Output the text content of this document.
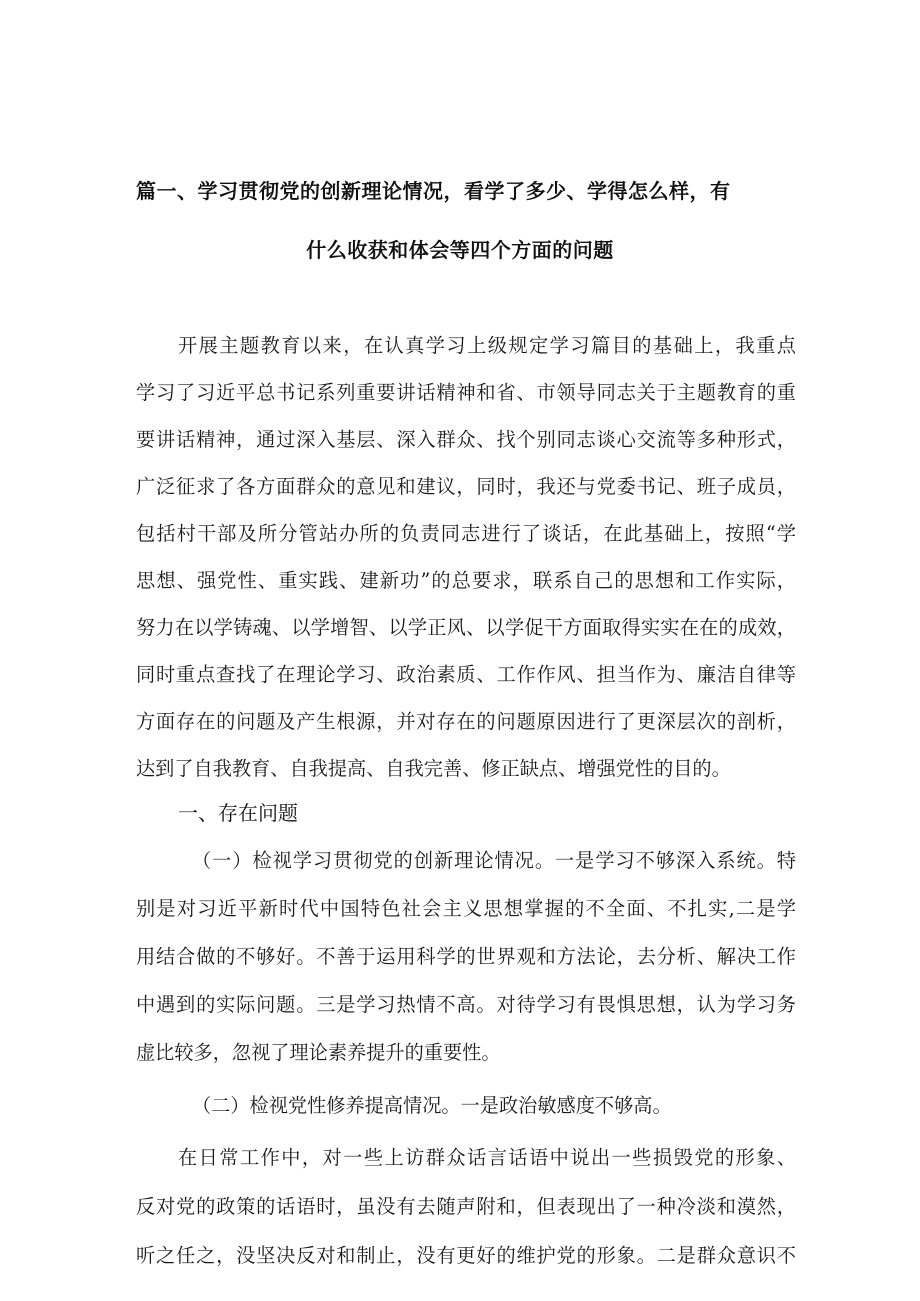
篇一、学习贯彻党的创新理论情况，看学了多少、学得怎么样，有
什么收获和体会等四个方面的问题
开展主题教育以来，在认真学习上级规定学习篇目的基础上，我重点
学习了习近平总书记系列重要讲话精神和省、市领导同志关于主题教育的重
要讲话精神，通过深入基层、深入群众、找个别同志谈心交流等多种形式，
广泛征求了各方面群众的意见和建议，同时，我还与党委书记、班子成员，
包括村干部及所分管站办所的负责同志进行了谈话，在此基础上，按照“学
思想、强党性、重实践、建新功”的总要求，联系自己的思想和工作实际，
努力在以学铸魂、以学增智、以学正风、以学促干方面取得实实在在的成效，
同时重点查找了在理论学习、政治素质、工作作风、担当作为、廉洁自律等
方面存在的问题及产生根源，并对存在的问题原因进行了更深层次的剖析，
达到了自我教育、自我提高、自我完善、修正缺点、增强党性的目的。
一、存在问题
（一）检视学习贯彻党的创新理论情况。一是学习不够深入系统。特
别是对习近平新时代中国特色社会主义思想掌握的不全面、不扎实,二是学
用结合做的不够好。不善于运用科学的世界观和方法论，去分析、解决工作
中遇到的实际问题。三是学习热情不高。对待学习有畏惧思想，认为学习务
虚比较多，忽视了理论素养提升的重要性。
（二）检视党性修养提高情况。一是政治敏感度不够高。
在日常工作中，对一些上访群众话言话语中说出一些损毁党的形象、
反对党的政策的话语时，虽没有去随声附和，但表现出了一种冷淡和漠然，
听之任之，没坚决反对和制止，没有更好的维护党的形象。二是群众意识不
